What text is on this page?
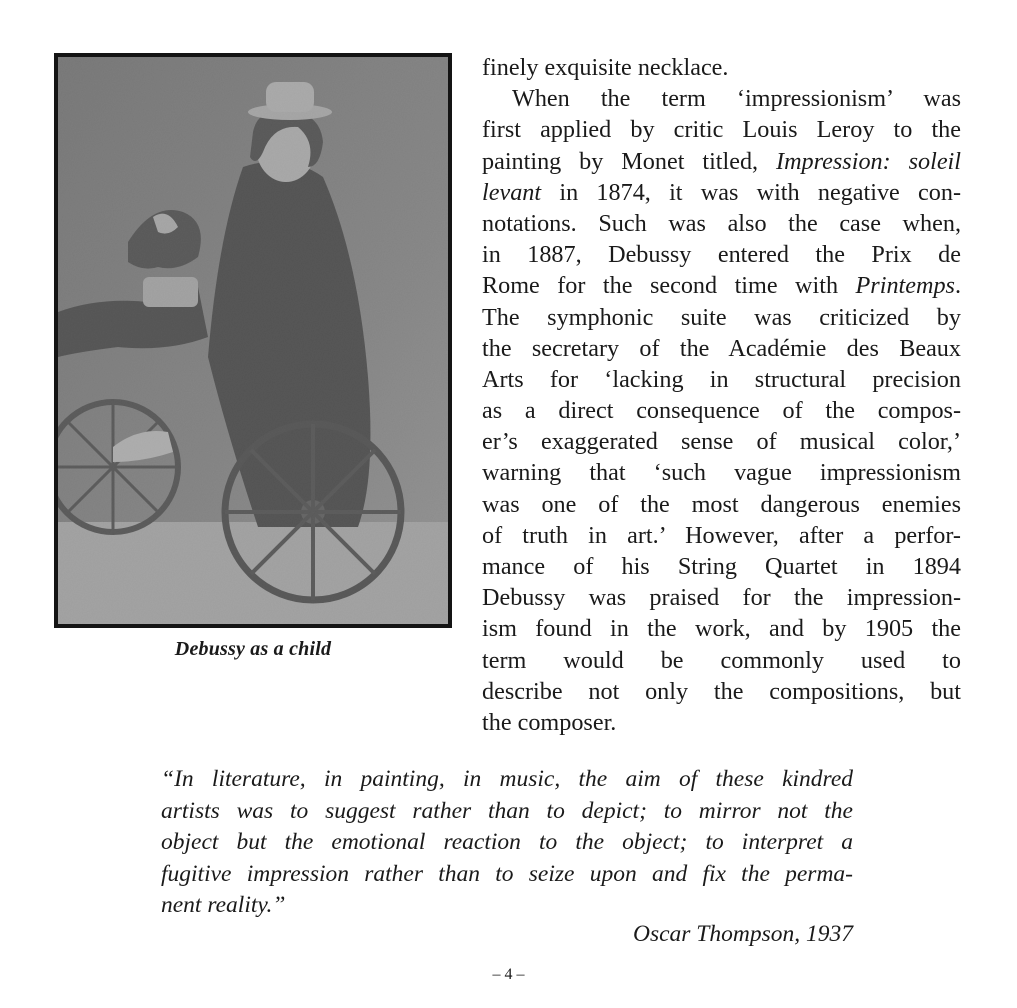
Debussy as a child
finely exquisite necklace.
When the term ‘impressionism’ was
first applied by critic Louis Leroy to the
painting by Monet titled, Impression: soleil
levant in 1874, it was with negative con-
notations. Such was also the case when,
in 1887, Debussy entered the Prix de
Rome for the second time with Printemps.
The symphonic suite was criticized by
the secretary of the Académie des Beaux
Arts for ‘lacking in structural precision
as a direct consequence of the compos-
er’s exaggerated sense of musical color,’
warning that ‘such vague impressionism
was one of the most dangerous enemies
of truth in art.’ However, after a perfor-
mance of his String Quartet in 1894
Debussy was praised for the impression-
ism found in the work, and by 1905 the
term would be commonly used to
describe not only the compositions, but
the composer.
“In literature, in painting, in music, the aim of these kindred
artists was to suggest rather than to depict; to mirror not the
object but the emotional reaction to the object; to interpret a
fugitive impression rather than to seize upon and fix the perma-
nent reality.”
Oscar Thompson, 1937
– 4 –
